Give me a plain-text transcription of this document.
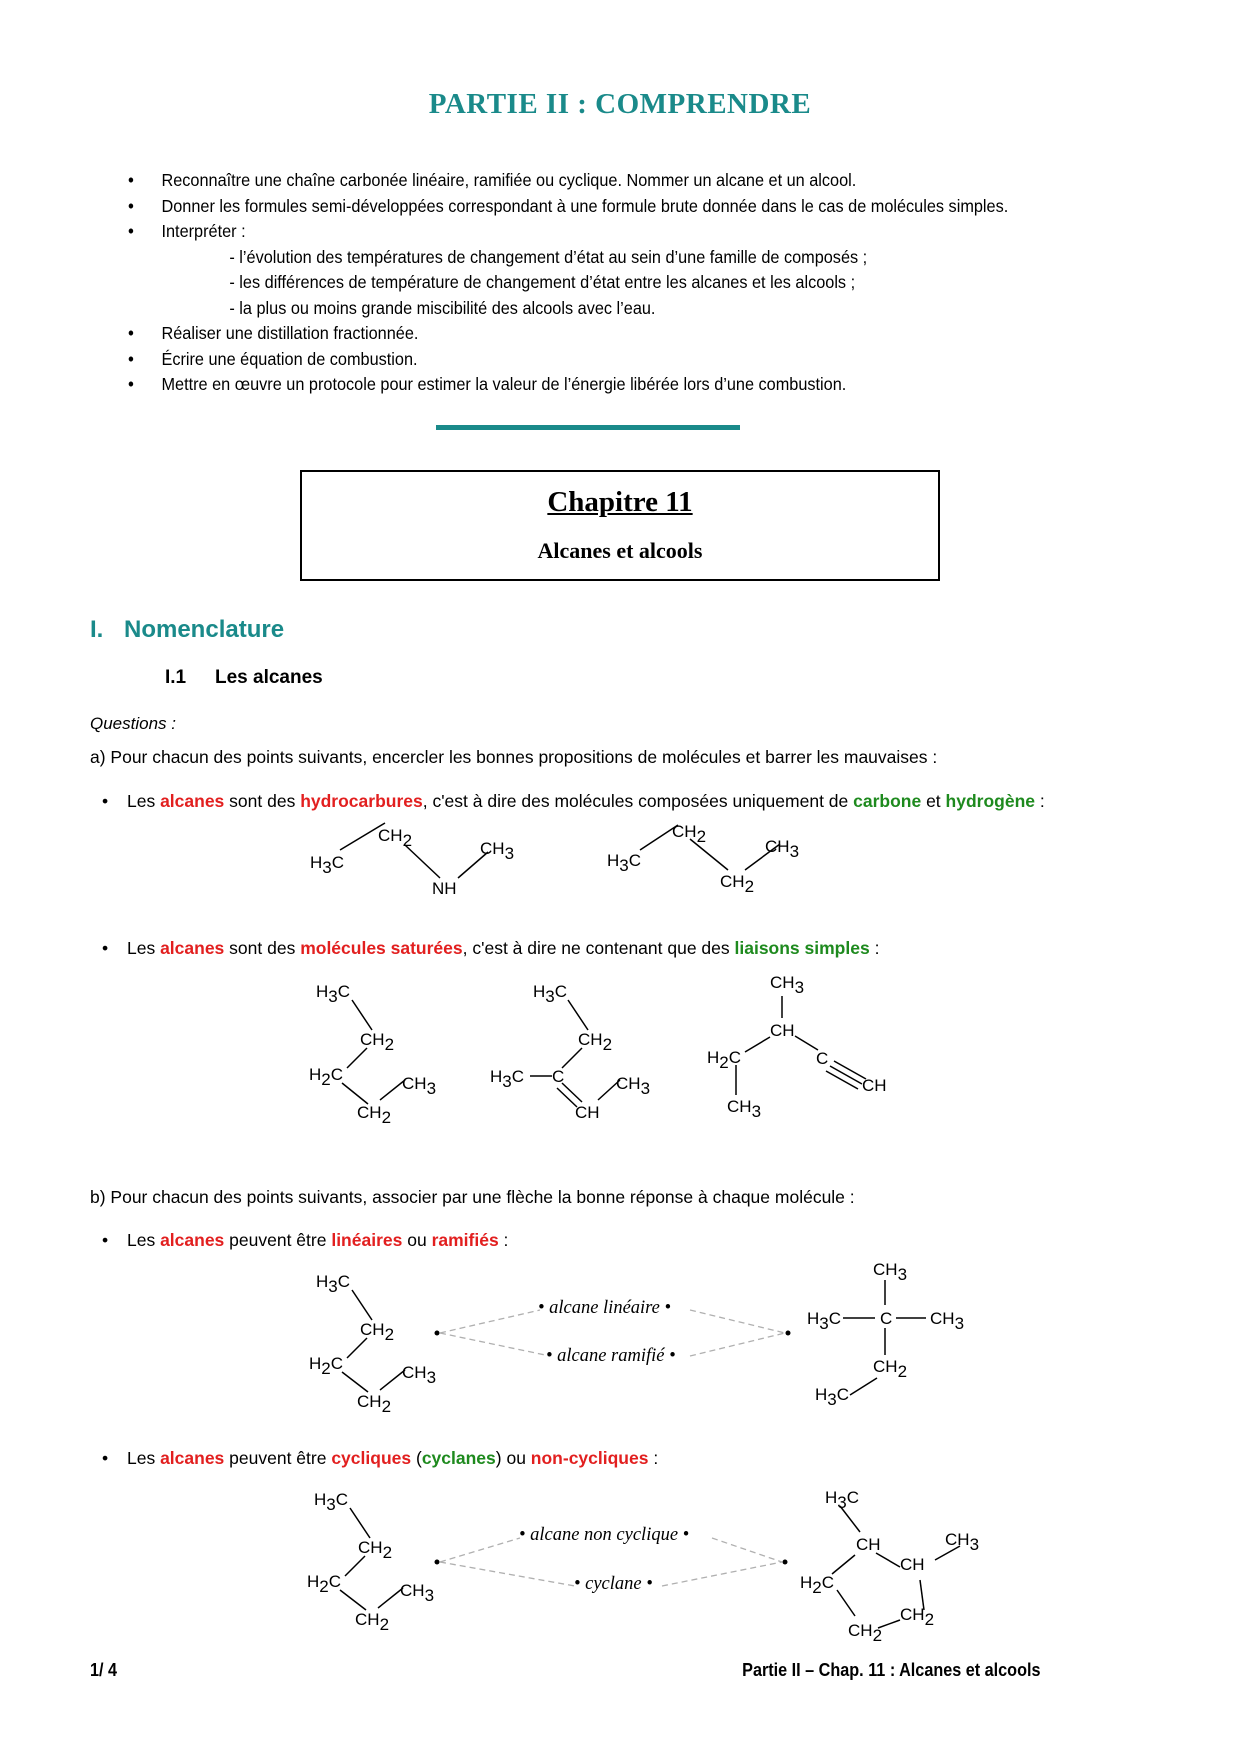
PARTIE II : COMPRENDRE
• Reconnaître une chaîne carbonée linéaire, ramifiée ou cyclique. Nommer un alcane et un alcool.
• Donner les formules semi-développées correspondant à une formule brute donnée dans le cas de molécules simples.
• Interpréter :
- l’évolution des températures de changement d’état au sein d’une famille de composés ;
- les différences de température de changement d’état entre les alcanes et les alcools ;
- la plus ou moins grande miscibilité des alcools avec l’eau.
• Réaliser une distillation fractionnée.
• Écrire une équation de combustion.
• Mettre en œuvre un protocole pour estimer la valeur de l’énergie libérée lors d’une combustion.
Chapitre 11
Alcanes et alcools
I. Nomenclature
I.1 Les alcanes
Questions :
a) Pour chacun des points suivants, encercler les bonnes propositions de molécules et barrer les mauvaises :
• Les alcanes sont des hydrocarbures, c'est à dire des molécules composées uniquement de carbone et hydrogène :
H3C
CH2	CH3
NH
H3C
CH2
CH3
CH2
• Les alcanes sont des molécules saturées, c'est à dire ne contenant que des liaisons simples :
H3C
CH2
H2C	CH3
CH2
H3C
CH2
H3C C	CH3
CH
CH3
CH
H2C	C
CH
CH3
b) Pour chacun des points suivants, associer par une flèche la bonne réponse à chaque molécule :
• Les alcanes peuvent être linéaires ou ramifiés :
H3C
CH2
H2C	CH3
CH2
CH3
H3C C CH3
CH2
H3C
• alcane linéaire •
• alcane ramifié •
• Les alcanes peuvent être cycliques (cyclanes) ou non-cycliques :
H3C
CH2
H2C	CH3
CH2
H3C
CH	CH3
CH
H2C
CH2
CH2
• alcane non cyclique •
• cyclane •
1/ 4	Partie II – Chap. 11 : Alcanes et alcools
